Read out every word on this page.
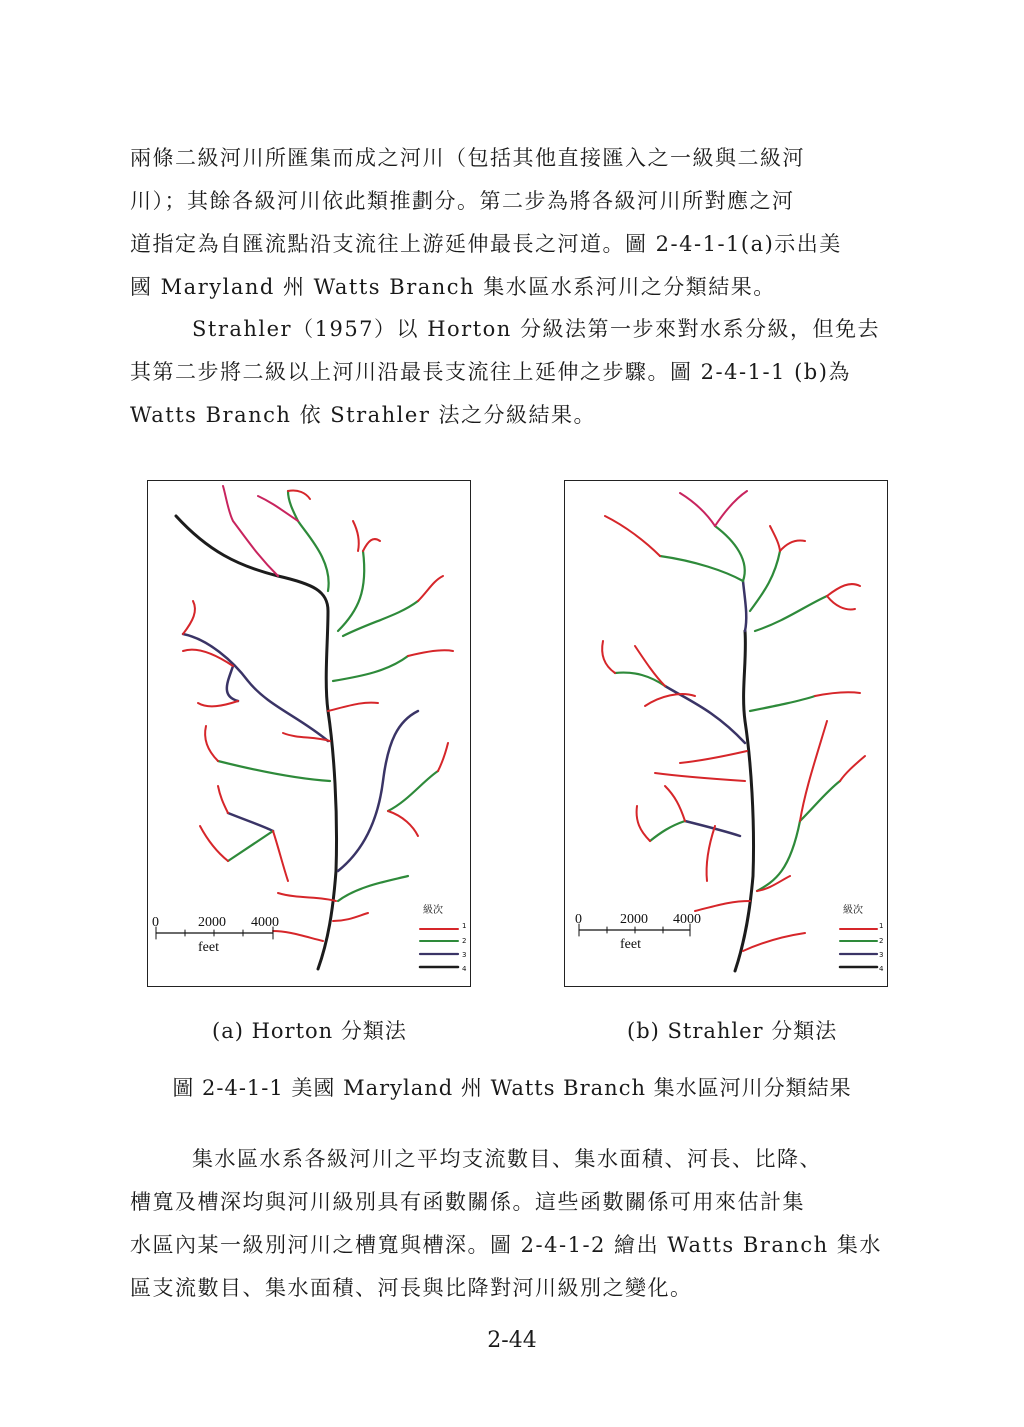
兩條二級河川所匯集而成之河川（包括其他直接匯入之一級與二級河
川）；其餘各級河川依此類推劃分。第二步為將各級河川所對應之河
道指定為自匯流點沿支流往上游延伸最長之河道。圖 2-4-1-1(a)示出美
國 Maryland 州 Watts Branch 集水區水系河川之分類結果。

Strahler（1957）以 Horton 分級法第一步來對水系分級，但免去
其第二步將二級以上河川沿最長支流往上延伸之步驟。圖 2-4-1-1 (b)為
Watts Branch 依 Strahler 法之分級結果。

0	2000 4000
feet
級次
1
2
3
4
0	2000 4000
feet
級次
1
2
3
4
(a) Horton 分類法	(b) Strahler 分類法
圖 2-4-1-1 美國 Maryland 州 Watts Branch 集水區河川分類結果

集水區水系各級河川之平均支流數目、集水面積、河長、比降、
槽寬及槽深均與河川級別具有函數關係。這些函數關係可用來估計集
水區內某一級別河川之槽寬與槽深。圖 2-4-1-2 繪出 Watts Branch 集水
區支流數目、集水面積、河長與比降對河川級別之變化。

2-44
